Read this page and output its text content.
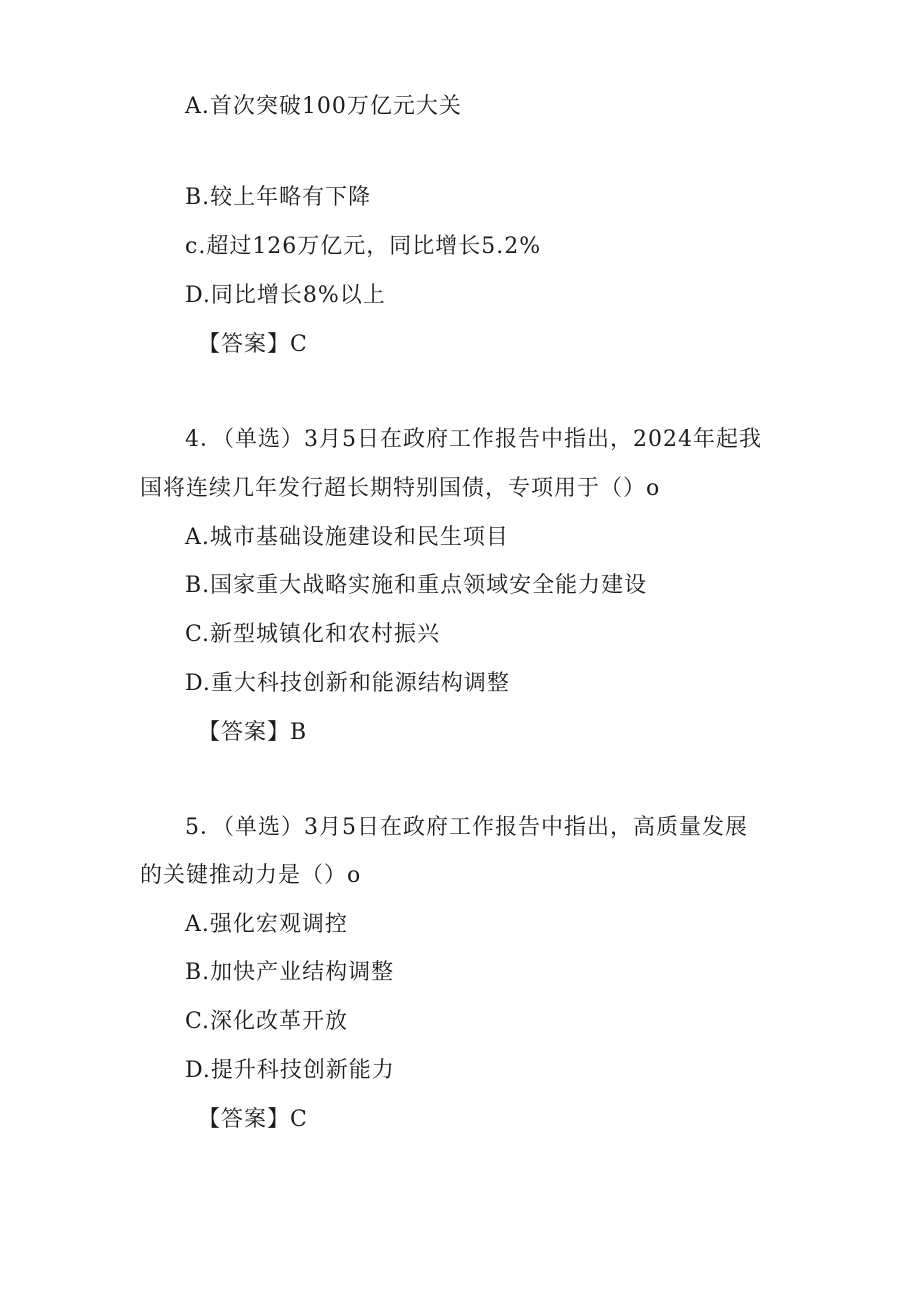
A.首次突破100万亿元大关
B.较上年略有下降
c.超过126万亿元，同比增长5.2%
D.同比增长8%以上
【答案】C
4．（单选）3月5日在政府工作报告中指出，2024年起我
国将连续几年发行超长期特别国债，专项用于（）o
A.城市基础设施建设和民生项目
B.国家重大战略实施和重点领域安全能力建设
C.新型城镇化和农村振兴
D.重大科技创新和能源结构调整
【答案】B
5．（单选）3月5日在政府工作报告中指出，高质量发展
的关键推动力是（）o
A.强化宏观调控
B.加快产业结构调整
C.深化改革开放
D.提升科技创新能力
【答案】C
